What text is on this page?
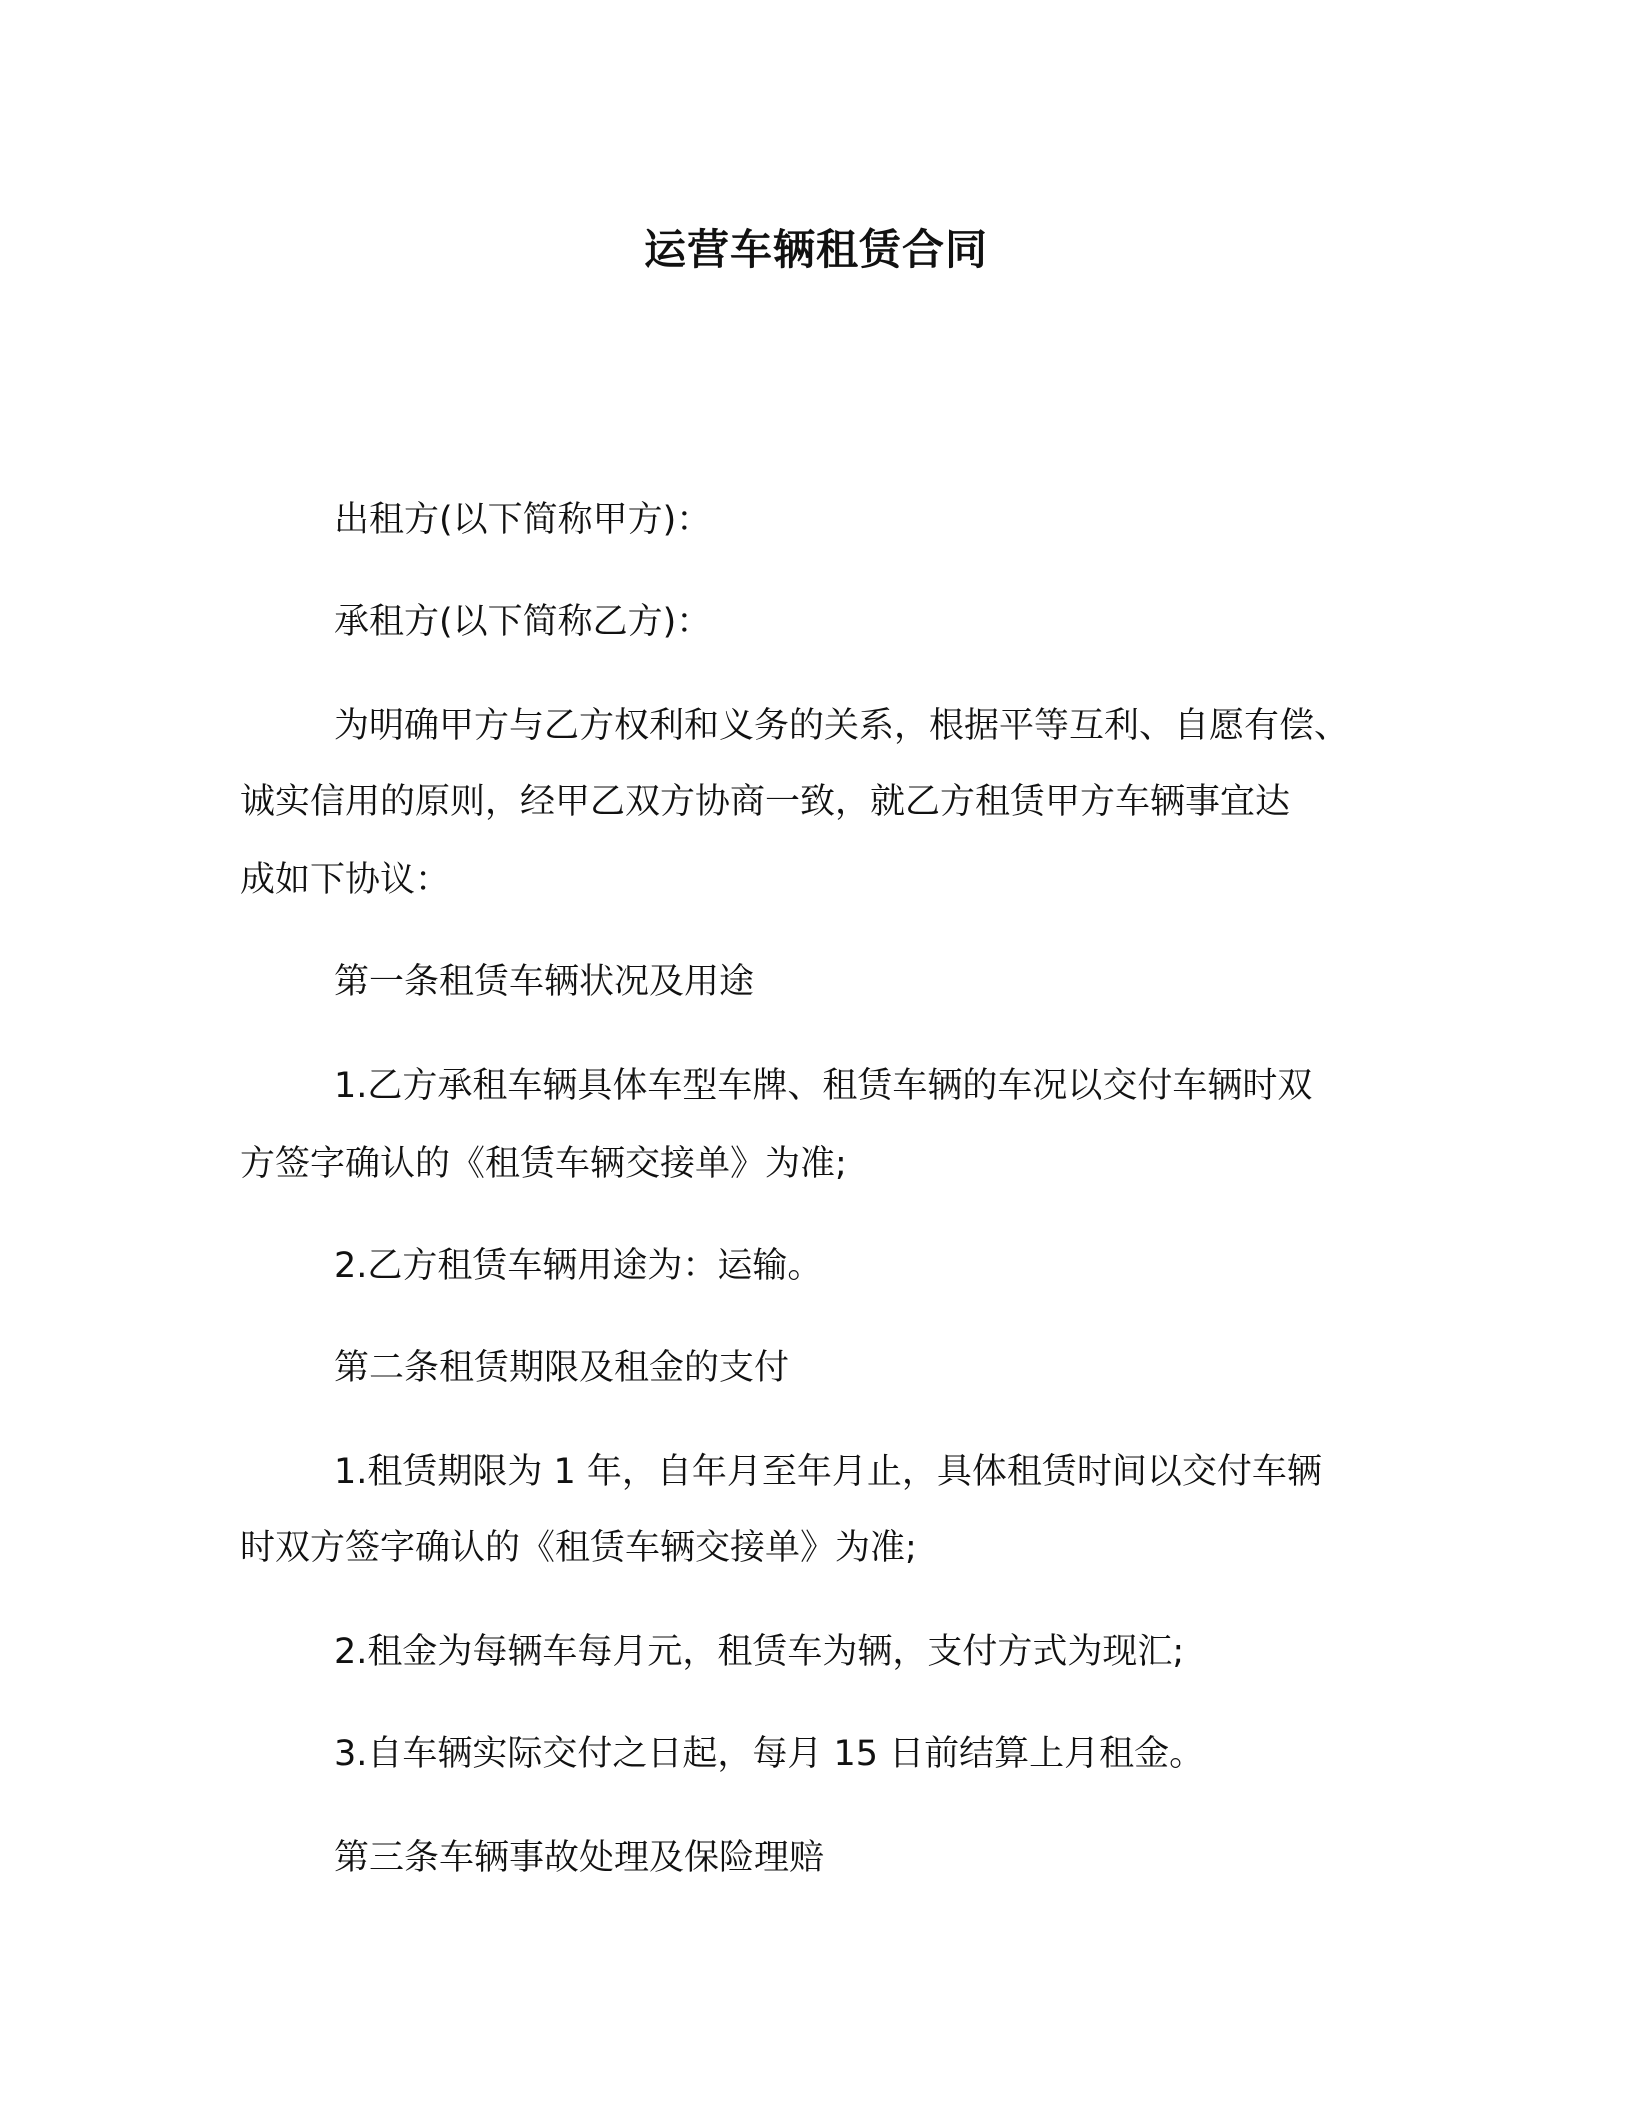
运营车辆租赁合同
出租方(以下简称甲方)：
承租方(以下简称乙方)：
为明确甲方与乙方权利和义务的关系，根据平等互利、自愿有偿、
诚实信用的原则，经甲乙双方协商一致，就乙方租赁甲方车辆事宜达
成如下协议：
第一条租赁车辆状况及用途
1.乙方承租车辆具体车型车牌、租赁车辆的车况以交付车辆时双
方签字确认的《租赁车辆交接单》为准;
2.乙方租赁车辆用途为：运输。
第二条租赁期限及租金的支付
1.租赁期限为 1 年，自年月至年月止，具体租赁时间以交付车辆
时双方签字确认的《租赁车辆交接单》为准;
2.租金为每辆车每月元，租赁车为辆，支付方式为现汇;
3.自车辆实际交付之日起，每月 15 日前结算上月租金。
第三条车辆事故处理及保险理赔
